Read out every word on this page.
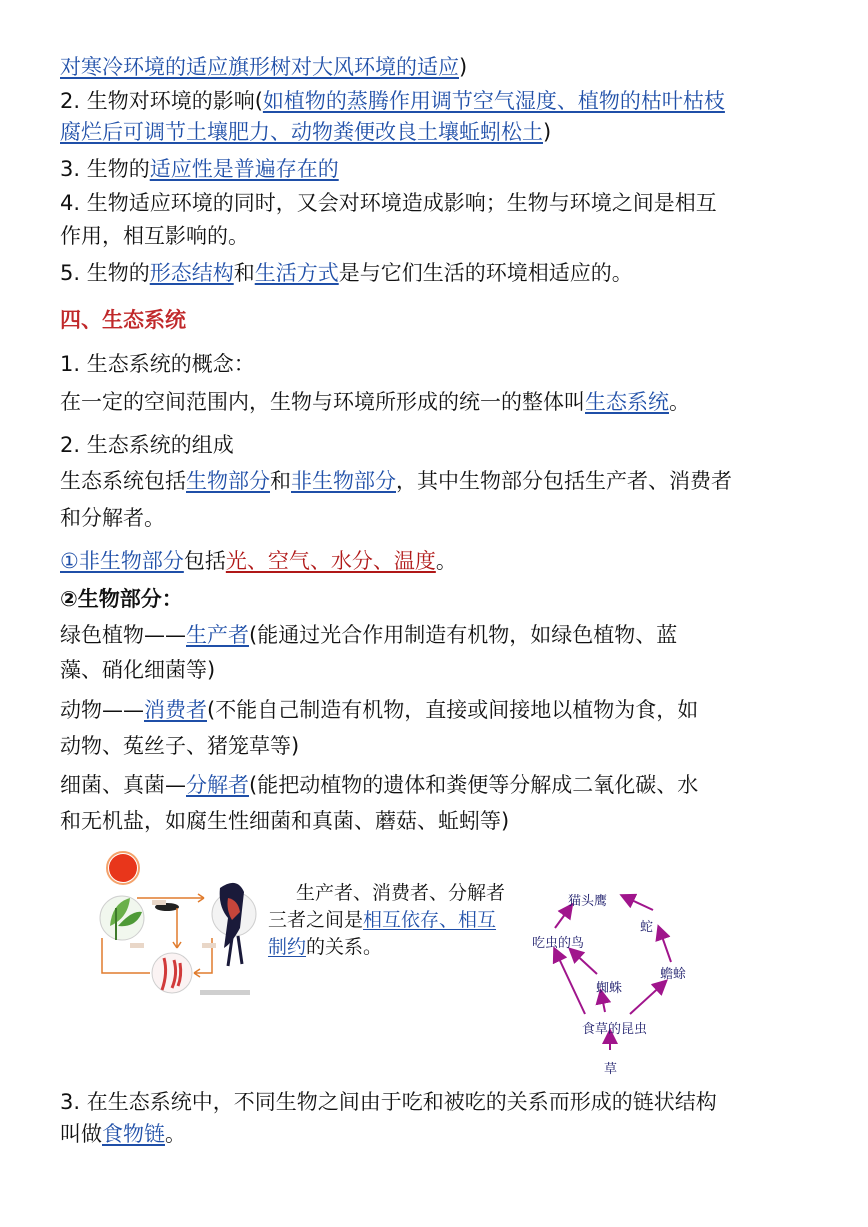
对寒冷环境的适应旗形树对大风环境的适应)
2. 生物对环境的影响(如植物的蒸腾作用调节空气湿度、植物的枯叶枯枝
腐烂后可调节土壤肥力、动物粪便改良土壤蚯蚓松土)
3. 生物的适应性是普遍存在的
4. 生物适应环境的同时，又会对环境造成影响；生物与环境之间是相互
作用，相互影响的。
5. 生物的形态结构和生活方式是与它们生活的环境相适应的。
四、生态系统
1. 生态系统的概念：
在一定的空间范围内，生物与环境所形成的统一的整体叫生态系统。
2. 生态系统的组成
生态系统包括生物部分和非生物部分，其中生物部分包括生产者、消费者
和分解者。
①非生物部分包括光、空气、水分、温度。
②生物部分：
绿色植物——生产者(能通过光合作用制造有机物，如绿色植物、蓝
藻、硝化细菌等)
动物——消费者(不能自己制造有机物，直接或间接地以植物为食，如
动物、菟丝子、猪笼草等)
细菌、真菌—分解者(能把动植物的遗体和粪便等分解成二氧化碳、水
和无机盐，如腐生性细菌和真菌、蘑菇、蚯蚓等)
生产者、消费者、分解者
三者之间是相互依存、相互
制约的关系。
猫头鹰
蛇
吃虫的鸟
蜘蛛
蟾蜍
食草的昆虫
草
3. 在生态系统中，不同生物之间由于吃和被吃的关系而形成的链状结构
叫做食物链。
